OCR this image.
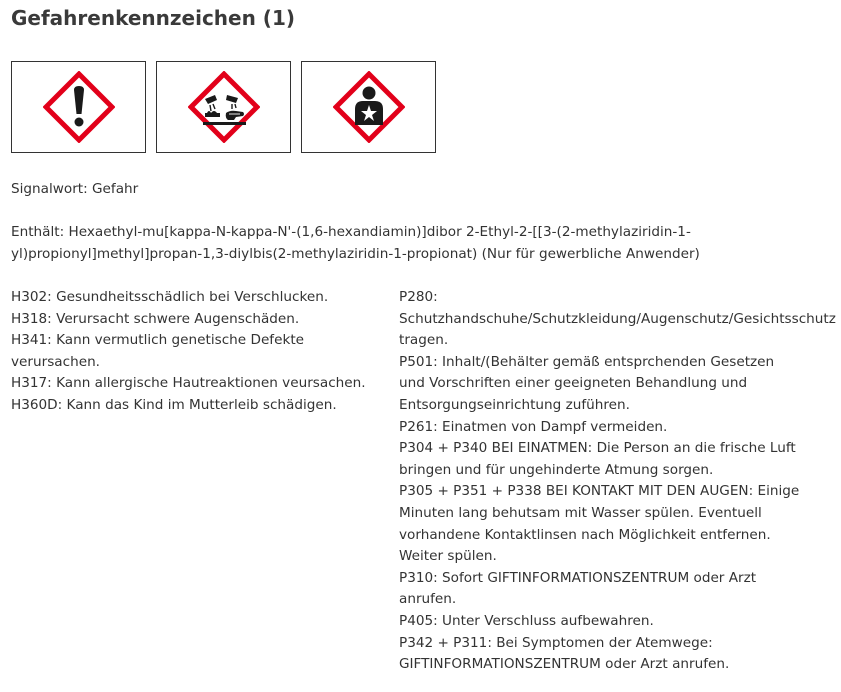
Gefahrenkennzeichen (1)
Signalwort: Gefahr
Enthält: Hexaethyl-mu[kappa-N-kappa-N'-(1,6-hexandiamin)]dibor 2-Ethyl-2-[[3-(2-methylaziridin-1-
yl)propionyl]methyl]propan-1,3-diylbis(2-methylaziridin-1-propionat) (Nur für gewerbliche Anwender)
H302: Gesundheitsschädlich bei Verschlucken.
H318: Verursacht schwere Augenschäden.
H341: Kann vermutlich genetische Defekte
verursachen.
H317: Kann allergische Hautreaktionen veursachen.
H360D: Kann das Kind im Mutterleib schädigen.
P280:
Schutzhandschuhe/Schutzkleidung/Augenschutz/Gesichtsschutz
tragen.
P501: Inhalt/(Behälter gemäß entsprchenden Gesetzen
und Vorschriften einer geeigneten Behandlung und
Entsorgungseinrichtung zuführen.
P261: Einatmen von Dampf vermeiden.
P304 + P340 BEI EINATMEN: Die Person an die frische Luft
bringen und für ungehinderte Atmung sorgen.
P305 + P351 + P338 BEI KONTAKT MIT DEN AUGEN: Einige
Minuten lang behutsam mit Wasser spülen. Eventuell
vorhandene Kontaktlinsen nach Möglichkeit entfernen.
Weiter spülen.
P310: Sofort GIFTINFORMATIONSZENTRUM oder Arzt
anrufen.
P405: Unter Verschluss aufbewahren.
P342 + P311: Bei Symptomen der Atemwege:
GIFTINFORMATIONSZENTRUM oder Arzt anrufen.
